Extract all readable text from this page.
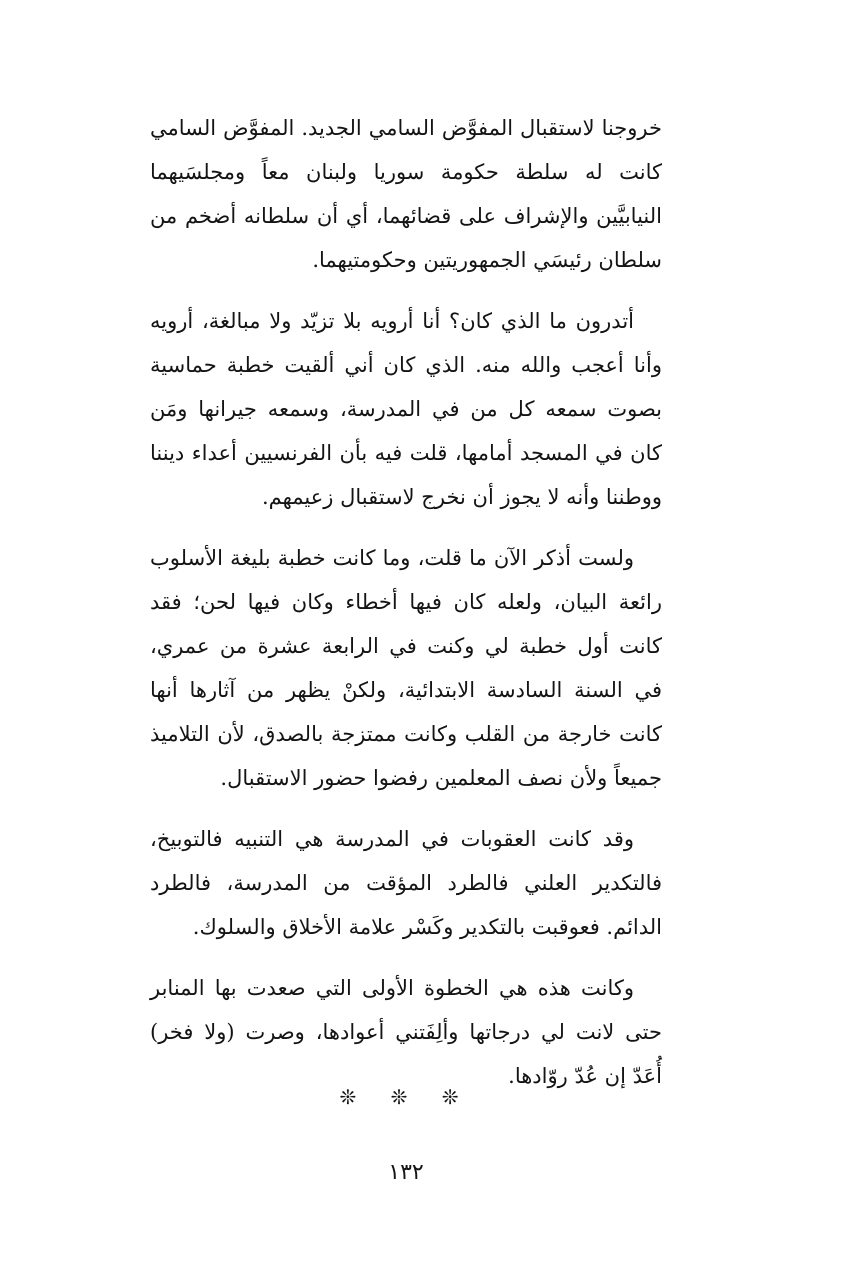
خروجنا لاستقبال المفوَّض السامي الجديد. المفوَّض السامي كانت له سلطة حكومة سوريا ولبنان معاً ومجلسَيهما النيابيَّين والإشراف على قضائهما، أي أن سلطانه أضخم من سلطان رئيسَي الجمهوريتين وحكومتيهما.

أتدرون ما الذي كان؟ أنا أرويه بلا تزيّد ولا مبالغة، أرويه وأنا أعجب والله منه. الذي كان أني ألقيت خطبة حماسية بصوت سمعه كل من في المدرسة، وسمعه جيرانها ومَن كان في المسجد أمامها، قلت فيه بأن الفرنسيين أعداء ديننا ووطننا وأنه لا يجوز أن نخرج لاستقبال زعيمهم.

ولست أذكر الآن ما قلت، وما كانت خطبة بليغة الأسلوب رائعة البيان، ولعله كان فيها أخطاء وكان فيها لحن؛ فقد كانت أول خطبة لي وكنت في الرابعة عشرة من عمري، في السنة السادسة الابتدائية، ولكنْ يظهر من آثارها أنها كانت خارجة من القلب وكانت ممتزجة بالصدق، لأن التلاميذ جميعاً ولأن نصف المعلمين رفضوا حضور الاستقبال.

وقد كانت العقوبات في المدرسة هي التنبيه فالتوبيخ، فالتكدير العلني فالطرد المؤقت من المدرسة، فالطرد الدائم. فعوقبت بالتكدير وكَسْر علامة الأخلاق والسلوك.

وكانت هذه هي الخطوة الأولى التي صعدت بها المنابر حتى لانت لي درجاتها وألِفَتني أعوادها، وصرت (ولا فخر) أُعَدّ إن عُدّ روّادها.

❊ ❊ ❊
١٣٢
